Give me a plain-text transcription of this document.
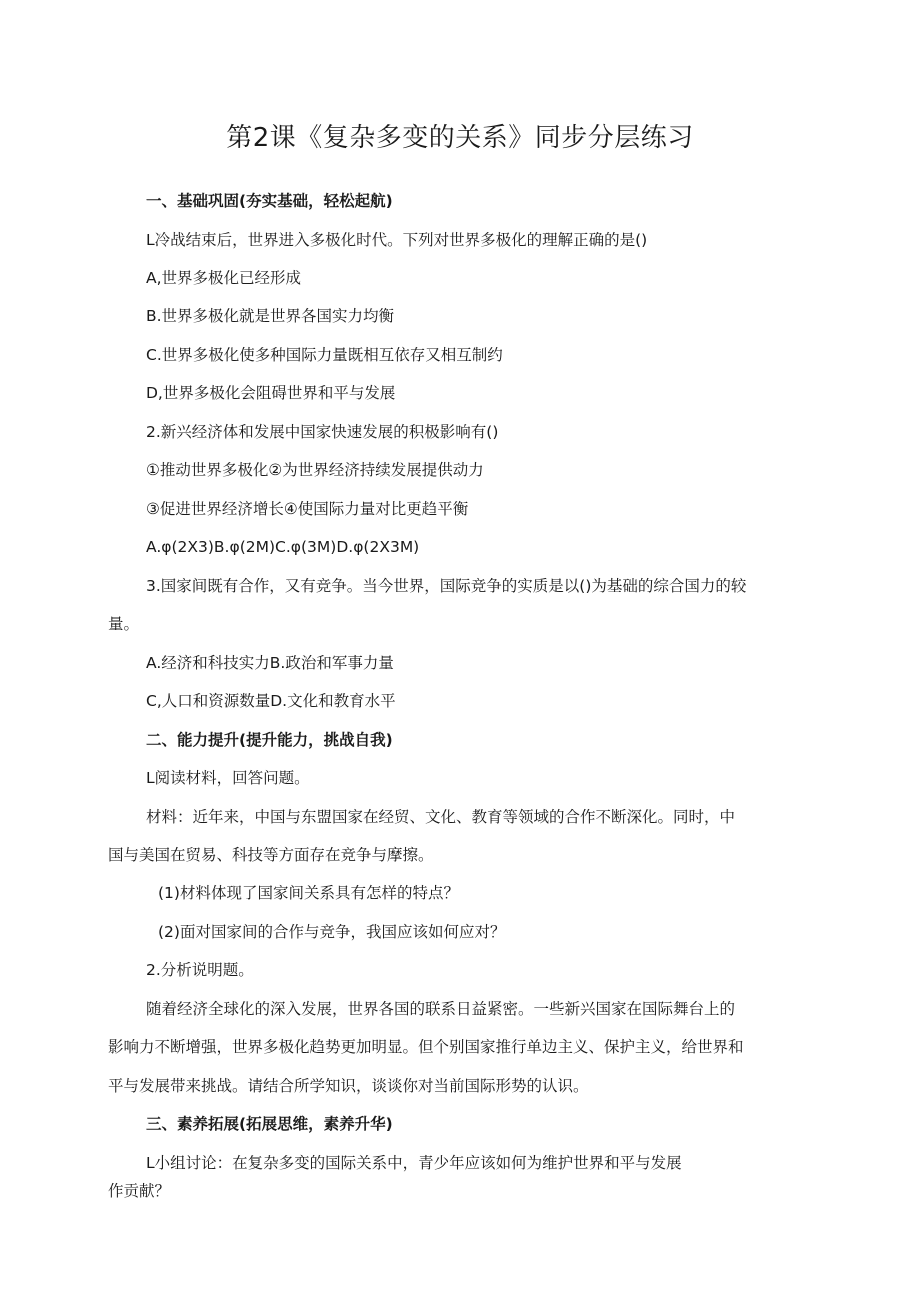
第2课《复杂多变的关系》同步分层练习
一、基础巩固(夯实基础，轻松起航)
L冷战结束后，世界进入多极化时代。下列对世界多极化的理解正确的是()
A,世界多极化已经形成
B.世界多极化就是世界各国实力均衡
C.世界多极化使多种国际力量既相互依存又相互制约
D,世界多极化会阻碍世界和平与发展
2.新兴经济体和发展中国家快速发展的积极影响有()
①推动世界多极化②为世界经济持续发展提供动力
③促进世界经济增长④使国际力量对比更趋平衡
A.φ(2X3)B.φ(2M)C.φ(3M)D.φ(2X3M)
3.国家间既有合作，又有竞争。当今世界，国际竞争的实质是以()为基础的综合国力的较
量。
A.经济和科技实力B.政治和军事力量
C,人口和资源数量D.文化和教育水平
二、能力提升(提升能力，挑战自我)
L阅读材料，回答问题。
材料：近年来，中国与东盟国家在经贸、文化、教育等领域的合作不断深化。同时，中
国与美国在贸易、科技等方面存在竞争与摩擦。
(1)材料体现了国家间关系具有怎样的特点？
(2)面对国家间的合作与竞争，我国应该如何应对？
2.分析说明题。
随着经济全球化的深入发展，世界各国的联系日益紧密。一些新兴国家在国际舞台上的
影响力不断增强，世界多极化趋势更加明显。但个别国家推行单边主义、保护主义，给世界和
平与发展带来挑战。请结合所学知识，谈谈你对当前国际形势的认识。
三、素养拓展(拓展思维，素养升华)
L小组讨论：在复杂多变的国际关系中，青少年应该如何为维护世界和平与发展
作贡献？
